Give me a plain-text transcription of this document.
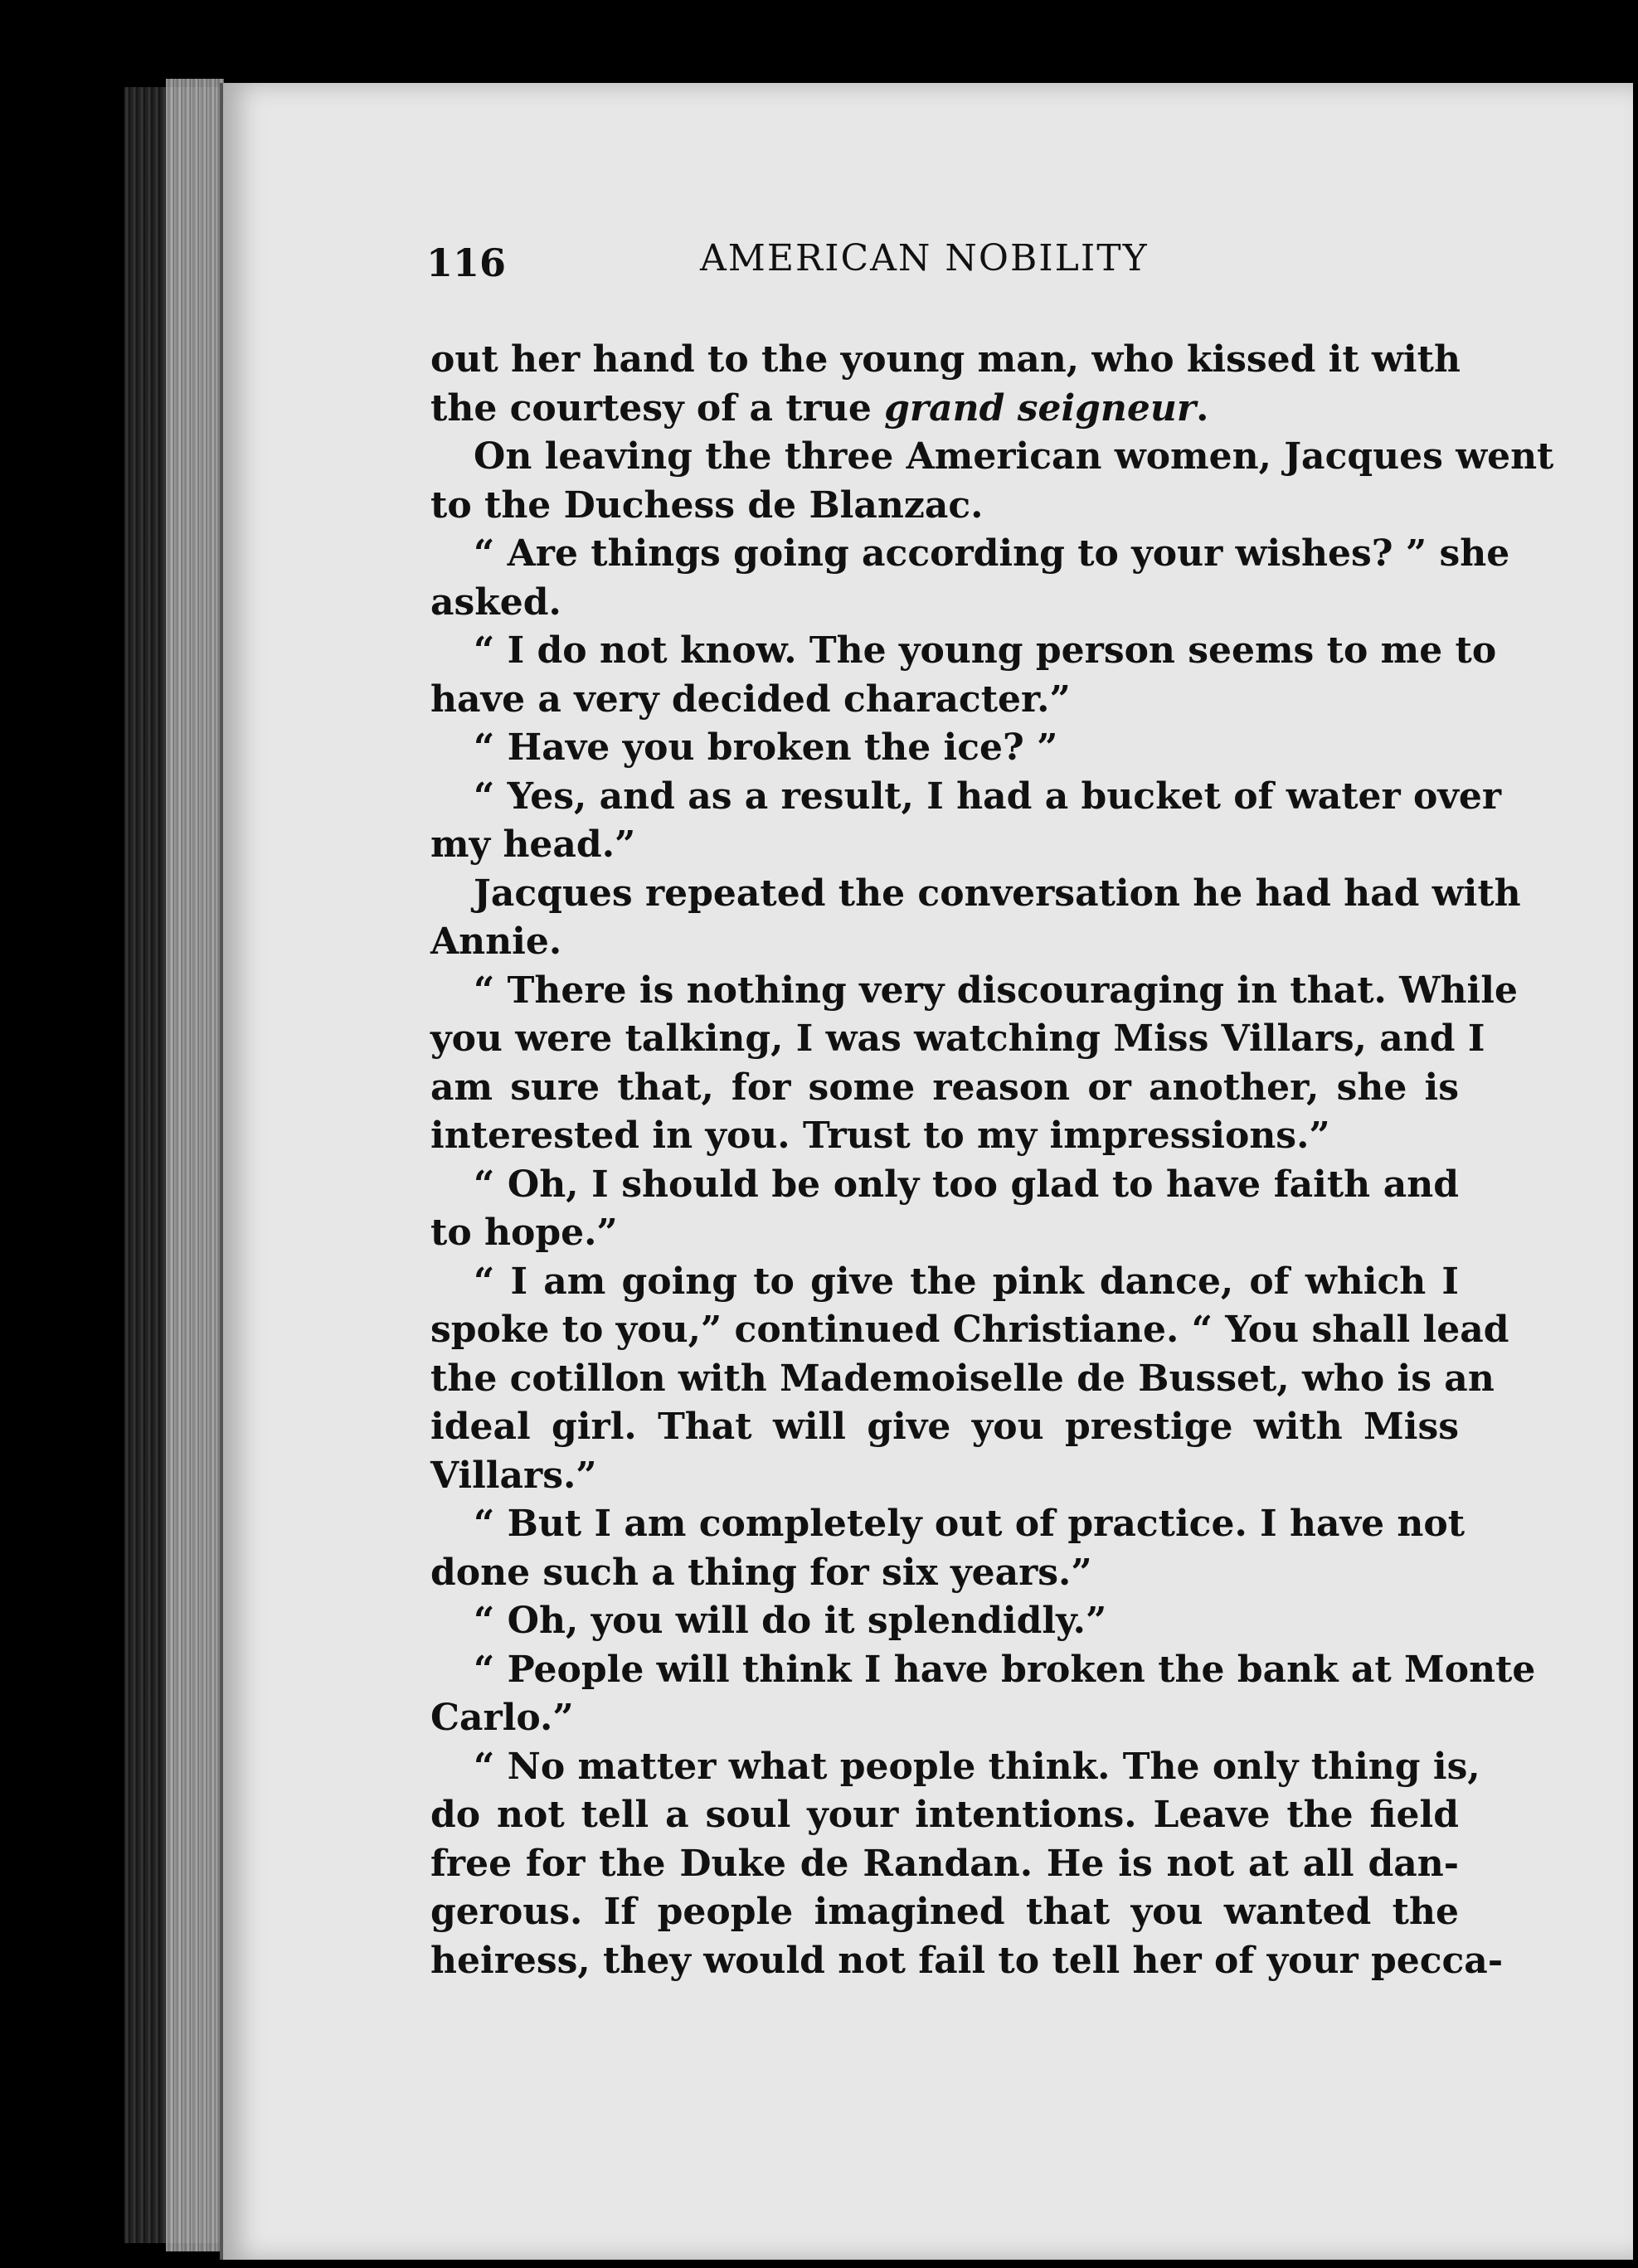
116	AMERICAN NOBILITY
out her hand to the young man, who kissed it with
the courtesy of a true grand seigneur.
On leaving the three American women, Jacques went
to the Duchess de Blanzac.
“ Are things going according to your wishes? ” she
asked.
“ I do not know. The young person seems to me to
have a very decided character.”
“ Have you broken the ice? ”
“ Yes, and as a result, I had a bucket of water over
my head.”
Jacques repeated the conversation he had had with
Annie.
“ There is nothing very discouraging in that. While
you were talking, I was watching Miss Villars, and I
am sure that, for some reason or another, she is
interested in you. Trust to my impressions.”
“ Oh, I should be only too glad to have faith and
to hope.”
“ I am going to give the pink dance, of which I
spoke to you,” continued Christiane. “ You shall lead
the cotillon with Mademoiselle de Busset, who is an
ideal girl. That will give you prestige with Miss
Villars.”
“ But I am completely out of practice. I have not
done such a thing for six years.”
“ Oh, you will do it splendidly.”
“ People will think I have broken the bank at Monte
Carlo.”
“ No matter what people think. The only thing is,
do not tell a soul your intentions. Leave the field
free for the Duke de Randan. He is not at all dan-
gerous. If people imagined that you wanted the
heiress, they would not fail to tell her of your pecca-
